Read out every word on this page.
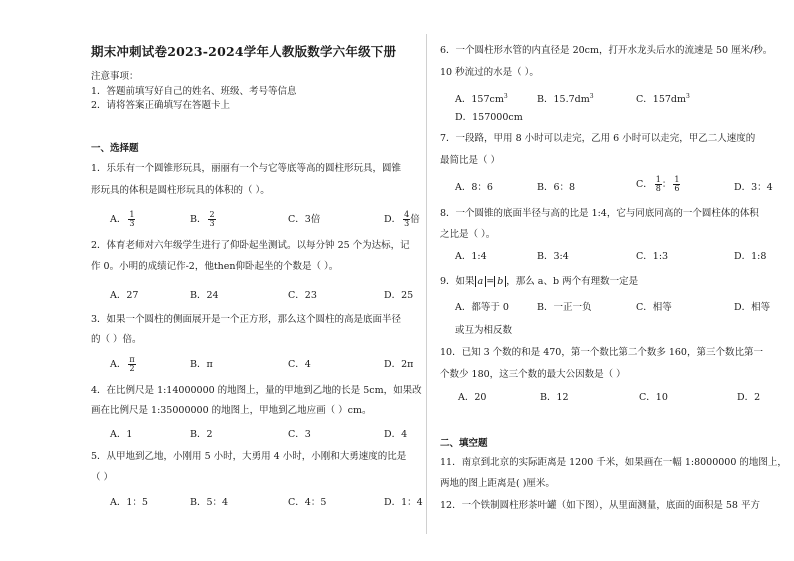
期末冲刺试卷2023-2024学年人教版数学六年级下册
注意事项：
1．答题前填写好自己的姓名、班级、考号等信息
2．请将答案正确填写在答题卡上
一、选择题
1．乐乐有一个圆锥形玩具，丽丽有一个与它等底等高的圆柱形玩具，圆锥
形玩具的体积是圆柱形玩具的体积的（ ）。
A． $\frac{1}{3}$	B． $\frac{2}{3}$	C．3倍	D． $\frac{4}{3}$ 倍
2．体育老师对六年级学生进行了仰卧起坐测试。以每分钟 25 个为达标，记
作 0。小明的成绩记作-2，他then仰卧起坐的个数是（ ）。
A．27	B．24	C．23	D．25
3．如果一个圆柱的侧面展开是一个正方形，那么这个圆柱的高是底面半径
的（ ）倍。
A． $\frac{\pi}{2}$	B．π	C．4	D．2π
4．在比例尺是 1:14000000 的地图上，量的甲地到乙地的长是 5cm，如果改
画在比例尺是 1:35000000 的地图上，甲地到乙地应画（ ）cm。
A．1	B．2	C．3	D．4
5．从甲地到乙地，小刚用 5 小时，大勇用 4 小时，小刚和大勇速度的比是
（ ）
A．1：5	B．5：4	C．4：5	D．1：4
6．一个圆柱形水管的内直径是 20cm，打开水龙头后水的流速是 50 厘米/秒。
10 秒流过的水是（ ）。
A．$157cm^3$	B．$15.7dm^3$	C．$157dm^3$
D．157000cm
7．一段路，甲用 8 小时可以走完，乙用 6 小时可以走完，甲乙二人速度的
最简比是（ ）
A．8：6	B．6：8	C． $\frac{1}{8}$ ： $\frac{1}{6}$	D．3：4
8．一个圆锥的底面半径与高的比是 1:4，它与同底同高的一个圆柱体的体积
之比是（ ）。
A．1:4	B．3:4	C．1:3	D．1:8
9．如果 a = b ，那么 a、b 两个有理数一定是
A．都等于 0	B．一正一负	C．相等	D．相等
或互为相反数
10．已知 3 个数的和是 470，第一个数比第二个数多 160，第三个数比第一
个数少 180，这三个数的最大公因数是（ ）
A．20	B．12	C．10	D．2
二、填空题
11．南京到北京的实际距离是 1200 千米，如果画在一幅 1:8000000 的地图上，
两地的图上距离是( )厘米。
12．一个铁制圆柱形茶叶罐（如下图），从里面测量，底面的面积是 58 平方
